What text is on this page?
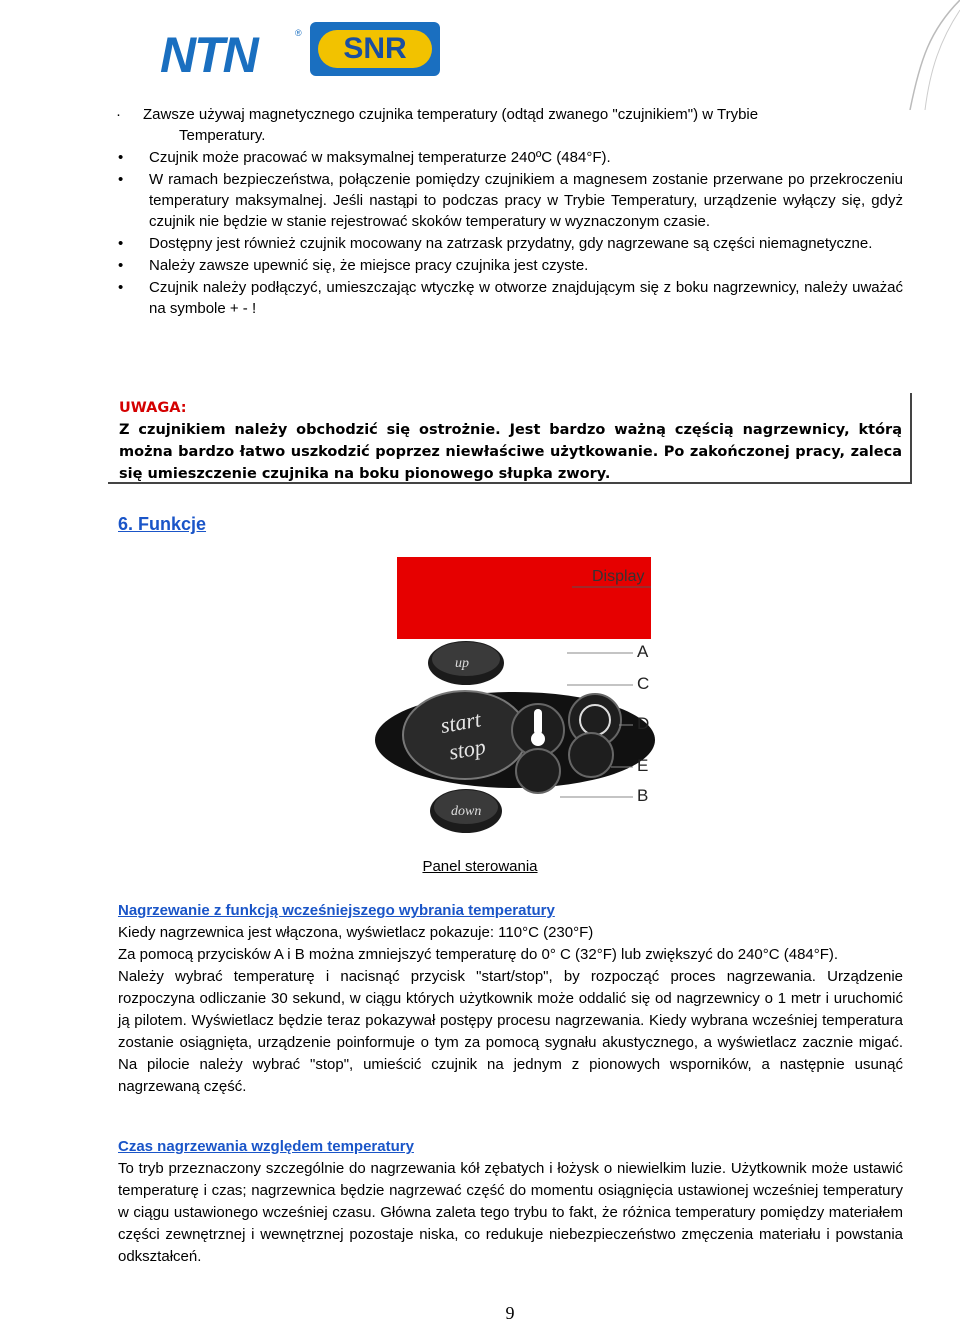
NTN	®	SNR
·	Zawsze używaj magnetycznego czujnika temperatury (odtąd zwanego "czujnikiem") w Trybie
Temperatury.
•	Czujnik może pracować w maksymalnej temperaturze 240ºC (484°F).
•	W ramach bezpieczeństwa, połączenie pomiędzy czujnikiem a magnesem zostanie przerwane po przekroczeniu temperatury maksymalnej. Jeśli nastąpi to podczas pracy w Trybie Temperatury, urządzenie wyłączy się, gdyż czujnik nie będzie w stanie rejestrować skoków temperatury w wyznaczonym czasie.
•	Dostępny jest również czujnik mocowany na zatrzask przydatny, gdy nagrzewane są części niemagnetyczne.
•	Należy zawsze upewnić się, że miejsce pracy czujnika jest czyste.
•	Czujnik należy podłączyć, umieszczając wtyczkę w otworze znajdującym się z boku nagrzewnicy, należy uważać na symbole + - !
UWAGA:
Z czujnikiem należy obchodzić się ostrożnie. Jest bardzo ważną częścią nagrzewnicy, którą można bardzo łatwo uszkodzić poprzez niewłaściwe użytkowanie. Po zakończonej pracy, zaleca się umieszczenie czujnika na boku pionowego słupka zwory.
6. Funkcje
Display
up
start
stop
down
A
C
D
E
B
Panel sterowania
Nagrzewanie z funkcją wcześniejszego wybrania temperatury
Kiedy nagrzewnica jest włączona, wyświetlacz pokazuje: 110°C (230°F)
Za pomocą przycisków A i B można zmniejszyć temperaturę do 0° C (32°F) lub zwiększyć do 240°C (484°F).
Należy wybrać temperaturę i nacisnąć przycisk "start/stop", by rozpocząć proces nagrzewania. Urządzenie rozpoczyna odliczanie 30 sekund, w ciągu których użytkownik może oddalić się od nagrzewnicy o 1 metr i uruchomić ją pilotem. Wyświetlacz będzie teraz pokazywał postępy procesu nagrzewania. Kiedy wybrana wcześniej temperatura zostanie osiągnięta, urządzenie poinformuje o tym za pomocą sygnału akustycznego, a wyświetlacz zacznie migać. Na pilocie należy wybrać "stop", umieścić czujnik na jednym z pionowych wsporników, a następnie usunąć nagrzewaną część.
Czas nagrzewania względem temperatury
To tryb przeznaczony szczególnie do nagrzewania kół zębatych i łożysk o niewielkim luzie. Użytkownik może ustawić temperaturę i czas; nagrzewnica będzie nagrzewać część do momentu osiągnięcia ustawionej wcześniej temperatury w ciągu ustawionego wcześniej czasu. Główna zaleta tego trybu to fakt, że różnica temperatury pomiędzy materiałem części zewnętrznej i wewnętrznej pozostaje niska, co redukuje niebezpieczeństwo zmęczenia materiału i powstania odkształceń.
9
